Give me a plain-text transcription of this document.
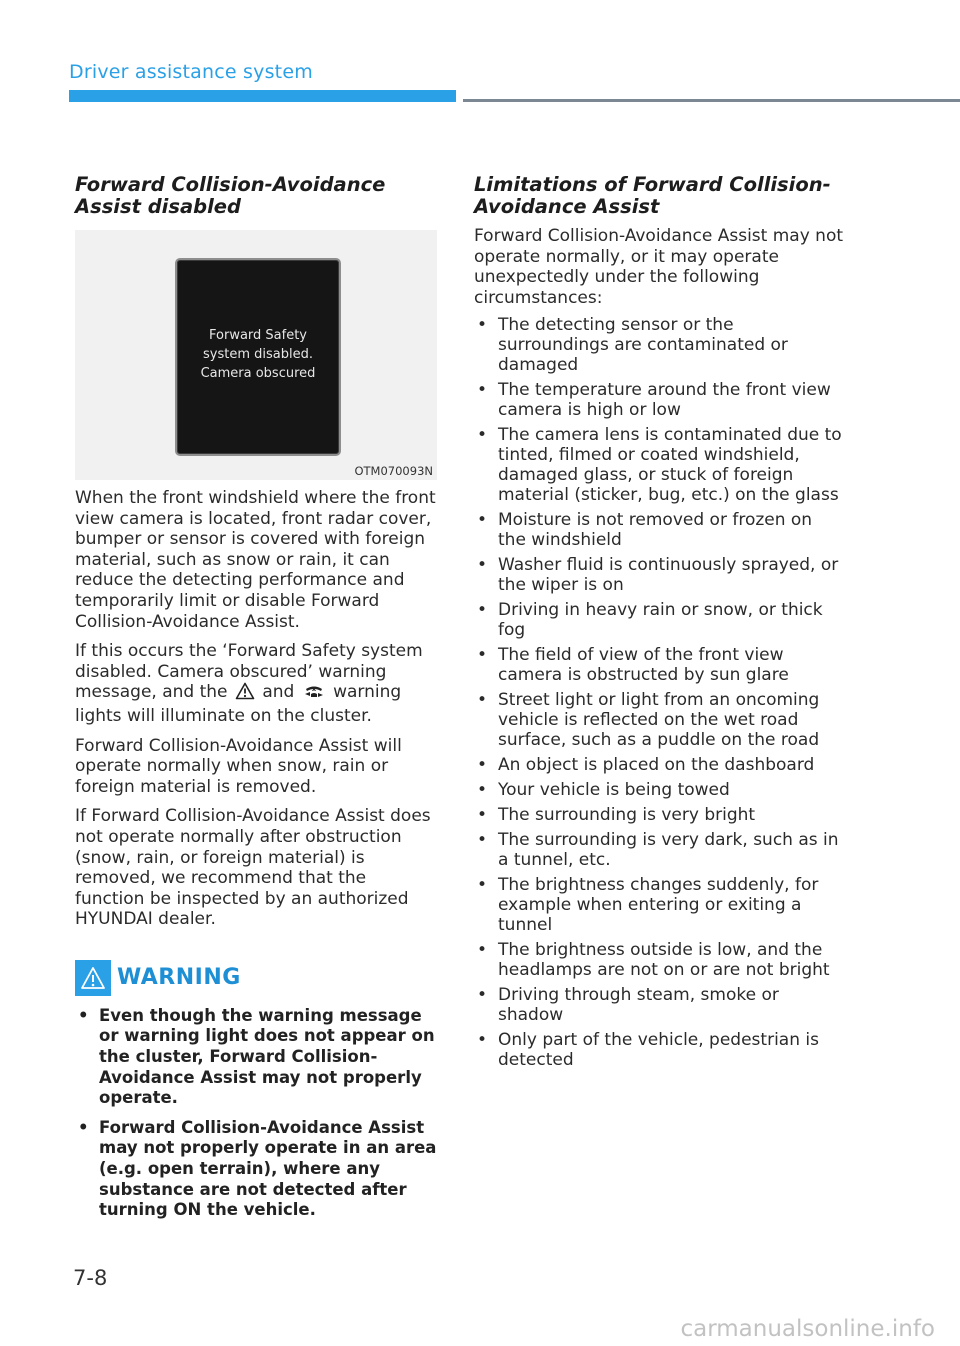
Driver assistance system
Forward Collision-Avoidance Assist disabled
Forward Safety
system disabled.
Camera obscured
OTM070093N

When the front windshield where the front view camera is located, front radar cover, bumper or sensor is covered with foreign material, such as snow or rain, it can reduce the detecting performance and temporarily limit or disable Forward Collision-Avoidance Assist.

If this occurs the ‘Forward Safety system disabled. Camera obscured’ warning message, and the and warning lights will illuminate on the cluster.

Forward Collision-Avoidance Assist will operate normally when snow, rain or foreign material is removed.

If Forward Collision-Avoidance Assist does not operate normally after obstruction (snow, rain, or foreign material) is removed, we recommend that the function be inspected by an authorized HYUNDAI dealer.

WARNING
• Even though the warning message or warning light does not appear on the cluster, Forward Collision-Avoidance Assist may not properly operate.
• Forward Collision-Avoidance Assist may not properly operate in an area (e.g. open terrain), where any substance are not detected after turning ON the vehicle.
Limitations of Forward Collision-Avoidance Assist

Forward Collision-Avoidance Assist may not operate normally, or it may operate unexpectedly under the following circumstances:

• The detecting sensor or the surroundings are contaminated or damaged
• The temperature around the front view camera is high or low
• The camera lens is contaminated due to tinted, filmed or coated windshield, damaged glass, or stuck of foreign material (sticker, bug, etc.) on the glass
• Moisture is not removed or frozen on the windshield
• Washer fluid is continuously sprayed, or the wiper is on
• Driving in heavy rain or snow, or thick fog
• The field of view of the front view camera is obstructed by sun glare
• Street light or light from an oncoming vehicle is reflected on the wet road surface, such as a puddle on the road
• An object is placed on the dashboard
• Your vehicle is being towed
• The surrounding is very bright
• The surrounding is very dark, such as in a tunnel, etc.
• The brightness changes suddenly, for example when entering or exiting a tunnel
• The brightness outside is low, and the headlamps are not on or are not bright
• Driving through steam, smoke or shadow
• Only part of the vehicle, pedestrian is detected
7-8
carmanualsonline.info
